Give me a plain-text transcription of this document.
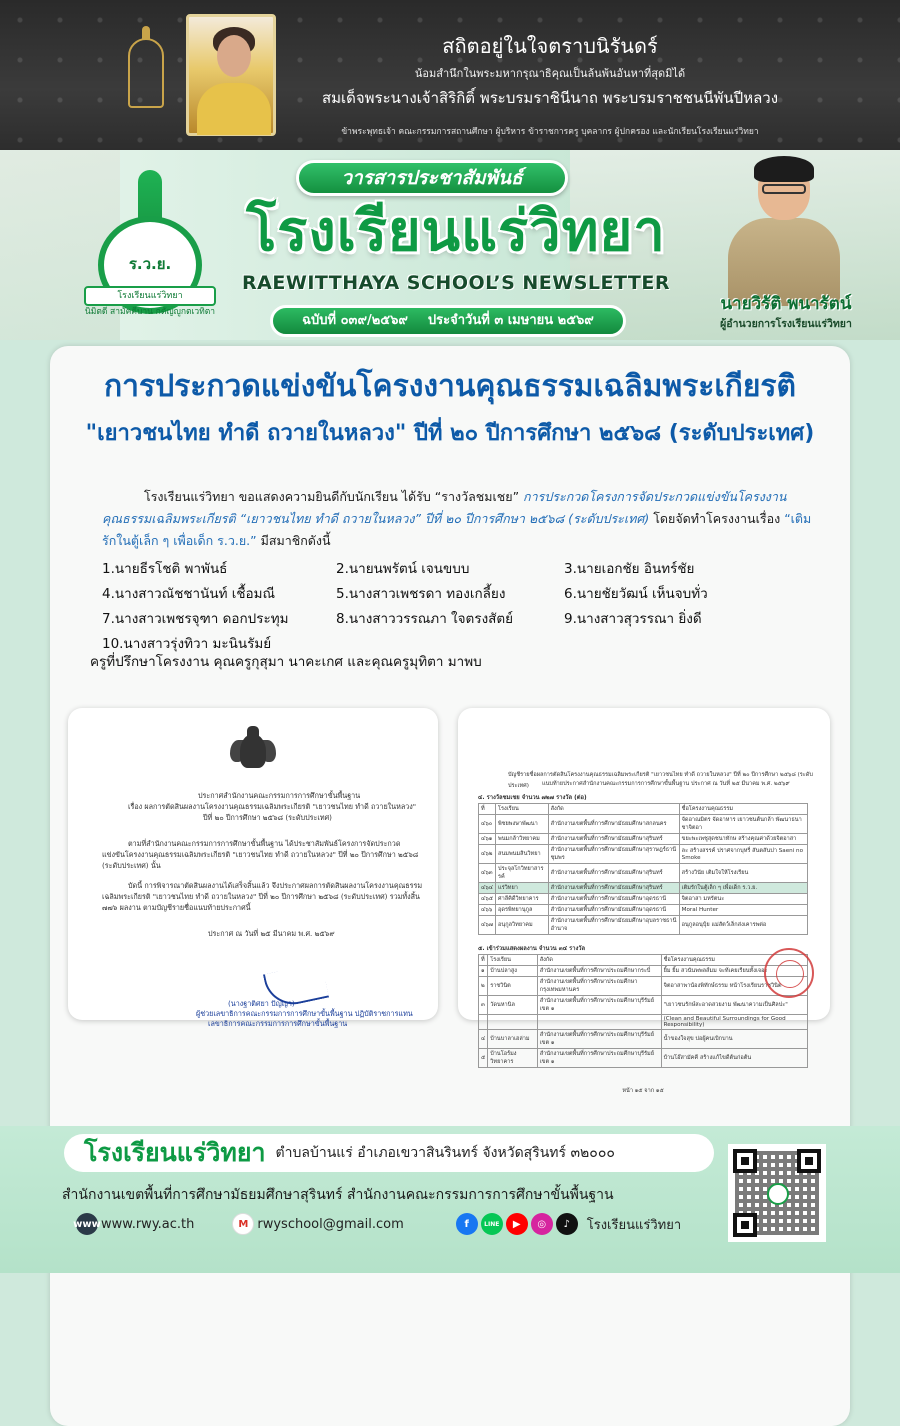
สถิตอยู่ในใจตราบนิรันดร์
น้อมสำนึกในพระมหากรุณาธิคุณเป็นล้นพ้นอันหาที่สุดมิได้
สมเด็จพระนางเจ้าสิริกิติ์ พระบรมราชินีนาถ พระบรมราชชนนีพันปีหลวง
ข้าพระพุทธเจ้า คณะกรรมการสถานศึกษา ผู้บริหาร ข้าราชการครู บุคลากร ผู้ปกครอง และนักเรียนโรงเรียนแร่วิทยา
ร.ว.ย.
โรงเรียนแร่วิทยา
นิมิตดี สามัคคีบาน กตัญญูกตเวทิตา
วารสารประชาสัมพันธ์
โรงเรียนแร่วิทยา
RAEWITTHAYA SCHOOL’S NEWSLETTER
ฉบับที่ ๐๓๙/๒๕๖๙ ประจำวันที่ ๓ เมษายน ๒๕๖๙
นายวิรัติ พนารัตน์
ผู้อำนวยการโรงเรียนแร่วิทยา
การประกวดแข่งขันโครงงานคุณธรรมเฉลิมพระเกียรติ
"เยาวชนไทย ทำดี ถวายในหลวง" ปีที่ ๒๐ ปีการศึกษา ๒๕๖๘ (ระดับประเทศ)
โรงเรียนแร่วิทยา ขอแสดงความยินดีกับนักเรียน ได้รับ “รางวัลชมเชย” การประกวดโครงการจัดประกวดแข่งขันโครงงานคุณธรรมเฉลิมพระเกียรติ “เยาวชนไทย ทำดี ถวายในหลวง” ปีที่ ๒๐ ปีการศึกษา ๒๕๖๘ (ระดับประเทศ) โดยจัดทำโครงงานเรื่อง “เติมรักในตู้เล็ก ๆ เพื่อเด็ก ร.ว.ย.” มีสมาชิกดังนี้
1.นายธีรโชติ พาพันธ์	2.นายนพรัตน์ เจนขบบ	3.นายเอกชัย อินทร์ชัย
4.นางสาวณัชชานันท์ เชื้อมณี	5.นางสาวเพชรดา ทองเกลี้ยง	6.นายชัยวัฒน์ เห็นจบทั่ว
7.นางสาวเพชรจุฑา ดอกประทุม	8.นางสาววรรณภา ใจตรงสัตย์	9.นางสาวสุวรรณา ยิ่งดี
10.นางสาวรุ่งทิวา มะนินรัมย์
ครูที่ปรึกษาโครงงาน คุณครูกุสุมา นาคะเกศ และคุณครูมุทิตา มาพบ
ประกาศสำนักงานคณะกรรมการการศึกษาขั้นพื้นฐาน
เรื่อง ผลการตัดสินผลงานโครงงานคุณธรรมเฉลิมพระเกียรติ "เยาวชนไทย ทำดี ถวายในหลวง"
ปีที่ ๒๐ ปีการศึกษา ๒๕๖๘ (ระดับประเทศ)
ตามที่สำนักงานคณะกรรมการการศึกษาขั้นพื้นฐาน ได้ประชาสัมพันธ์โครงการจัดประกวด
แข่งขันโครงงานคุณธรรมเฉลิมพระเกียรติ "เยาวชนไทย ทำดี ถวายในหลวง" ปีที่ ๒๐ ปีการศึกษา ๒๕๖๘
(ระดับประเทศ) นั้น
บัดนี้ การพิจารณาตัดสินผลงานได้เสร็จสิ้นแล้ว จึงประกาศผลการตัดสินผลงานโครงงานคุณธรรม
เฉลิมพระเกียรติ "เยาวชนไทย ทำดี ถวายในหลวง" ปีที่ ๒๐ ปีการศึกษา ๒๕๖๘ (ระดับประเทศ) รวมทั้งสิ้น
๗๗๖ ผลงาน ตามบัญชีรายชื่อแนบท้ายประกาศนี้
ประกาศ ณ วันที่ ๒๕ มีนาคม พ.ศ. ๒๕๖๙
(นางฐาติศยา ปัญญา)
ผู้ช่วยเลขาธิการคณะกรรมการการศึกษาขั้นพื้นฐาน ปฏิบัติราชการแทน
เลขาธิการคณะกรรมการการศึกษาขั้นพื้นฐาน
บัญชีรายชื่อผลการตัดสินโครงงานคุณธรรมเฉลิมพระเกียรติ "เยาวชนไทย ทำดี ถวายในหลวง" ปีที่ ๒๐ ปีการศึกษา ๒๕๖๘ (ระดับประเทศ)	แนบท้ายประกาศสำนักงานคณะกรรมการการศึกษาขั้นพื้นฐาน ประกาศ ณ วันที่ ๒๕ มีนาคม พ.ศ. ๒๕๖๙
๔. รางวัลชมเชย จำนวน ๗๒๗ รางวัล (ต่อ)
ที่	โรงเรียน	สังกัด	ชื่อโครงงานคุณธรรม
๔๖๐	พิชยพงษาพัฒนา	สำนักงานเขตพื้นที่การศึกษามัธยมศึกษาสกลนคร	จัดอาณมิตร จัดอาหาร เยาวชนต้นกล้า พัฒนาธนาชาจิตอา
๔๖๑	พนมกล้าวิทยาคม	สำนักงานเขตพื้นที่การศึกษามัธยมศึกษาสุรินทร์	ขยะพะเพชูสุดชนาทักษ สร้างคุณค่าด้วยจิตอาสา
๔๖๒	สนมพนมสินวิทยา	สำนักงานเขตพื้นที่การศึกษามัธยมศึกษาสุราษฎร์ธานี ชุมพร	ละ สร้างสรรค์ ปราศจากบุหรี่ สันตสันปา Saeni no Smoke
๔๖๓	ประจุลโกวิทยาสารรค์	สำนักงานเขตพื้นที่การศึกษามัธยมศึกษาสุรินทร์	สร้างวินัย เติมใจให้โรงเรียน
๔๖๔	แร่วิทยา	สำนักงานเขตพื้นที่การศึกษามัธยมศึกษาสุรินทร์	เติมรักในตู้เล็ก ๆ เพื่อเด็ก ร.ว.ย.
๔๖๕	ศาลีคิดีวิทยาคาร	สำนักงานเขตพื้นที่การศึกษามัธยมศึกษาอุดรธานี	จิตอาสา มหรัตนะ
๔๖๖	อุดรพิทยานุกูล	สำนักงานเขตพื้นที่การศึกษามัธยมศึกษาอุดรธานี	Moral Hunter
๔๖๗	อนุกูลวิทยาคม	สำนักงานเขตพื้นที่การศึกษามัธยมศึกษาอุบลราชธานี อำนาจ	อนุกูลอนุบุ้ย แม่สัตว์เล็กส่งเคารพต่อ
๕. เข้าร่วมแสดงผลงาน จำนวน ๓๔ รางวัล
ที่	โรงเรียน	สังกัด	ชื่อโครงงานคุณธรรม
๑	บ้านปลาสูง	สำนักงานเขตพื้นที่การศึกษาประถมศึกษากระบี่	ยิ้ม ยิ้ม สวนันพพลส์มม จะท้เคยเรียนทั้งเจอะ
๒	ราชวินิต	สำนักงานเขตพื้นที่การศึกษาประถมศึกษากรุงเทพมหานคร	จิตอาสาพาน้องพิทักษ์ธรรม หน้าโรงเรียนราชวินิต
๓	วัดนหานิล	สำนักงานเขตพื้นที่การศึกษาประถมศึกษาบุรีรัมย์ เขต ๑	"เยาวชนรักษ์สะอาดสวยงาม พัฒนาความเป็นศิลปะ"
			(Clean and Beautiful Surroundings for Good Responsibility)
๔	บ้านบาลาเฮล่าม	สำนักงานเขตพื้นที่การศึกษาประถมศึกษาบุรีรัมย์ เขต ๑	น้ำของใจสุข บ่อผู้คนเบิกบาน
๕	บ้านโอร์มงวิทยาคาร	สำนักงานเขตพื้นที่การศึกษาประถมศึกษาบุรีรัมย์ เขต ๑	บ้านโอ๊สามัคคี สร้างแก้ไขดีต้นก่อต้น
หน้า ๑๕ จาก ๑๕
โรงเรียนแร่วิทยา ตำบลบ้านแร่ อำเภอเขวาสินรินทร์ จังหวัดสุรินทร์ ๓๒๐๐๐
สำนักงานเขตพื้นที่การศึกษามัธยมศึกษาสุรินทร์ สำนักงานคณะกรรมการการศึกษาขั้นพื้นฐาน
www www.rwy.ac.th	M rwyschool@gmail.com	f	LINE	▶	◎	♪	โรงเรียนแร่วิทยา
